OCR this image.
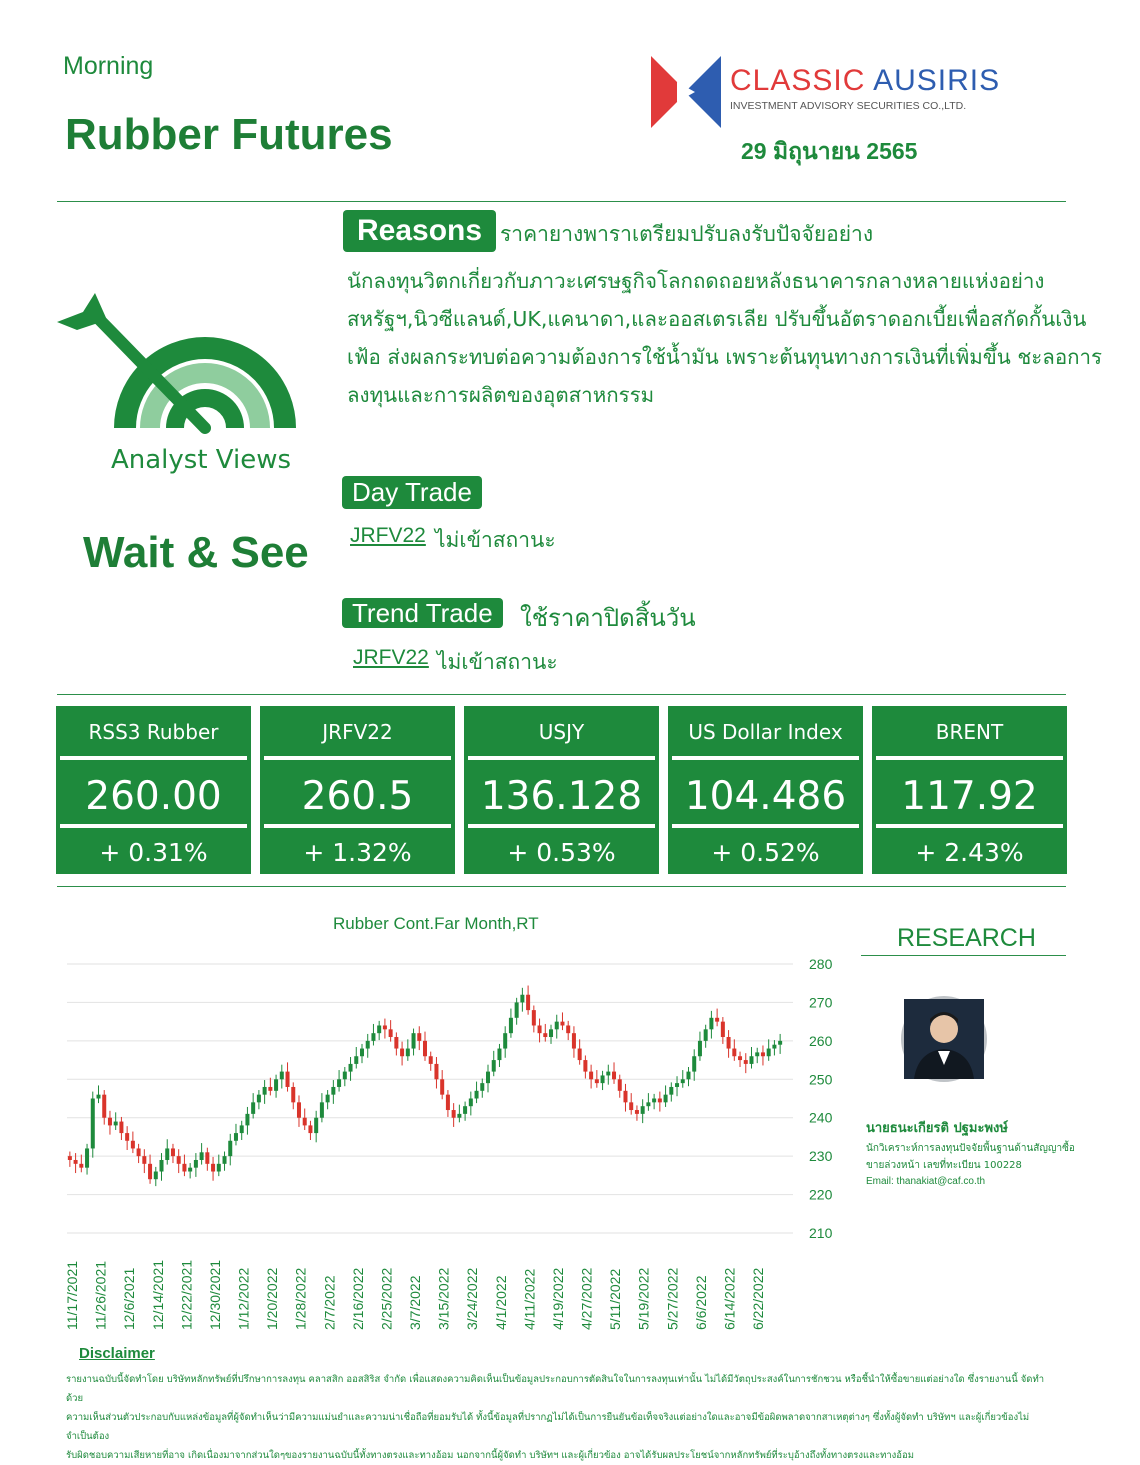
Morning
Rubber Futures
CLASSIC AUSIRIS
INVESTMENT ADVISORY SECURITIES CO.,LTD.
29 มิถุนายน 2565
Analyst Views
Wait & See
Reasons ราคายางพาราเตรียมปรับลงรับปัจจัยอย่าง
นักลงทุนวิตกเกี่ยวกับภาวะเศรษฐกิจโลกถดถอยหลังธนาคารกลางหลายแห่งอย่าง
สหรัฐฯ,นิวซีแลนด์,UK,แคนาดา,และออสเตรเลีย ปรับขึ้นอัตราดอกเบี้ยเพื่อสกัดกั้นเงิน
เฟ้อ ส่งผลกระทบต่อความต้องการใช้น้ำมัน เพราะต้นทุนทางการเงินที่เพิ่มขึ้น ชะลอการ
ลงทุนและการผลิตของอุตสาหกรรม
Day Trade
JRFV22 ไม่เข้าสถานะ
Trend Trade	ใช้ราคาปิดสิ้นวัน
JRFV22 ไม่เข้าสถานะ
RSS3 Rubber
260.00
+ 0.31%
JRFV22
260.5
+ 1.32%
USJY
136.128
+ 0.53%
US Dollar Index
104.486
+ 0.52%
BRENT
117.92
+ 2.43%
Rubber Cont.Far Month,RT
210
220
230
240
250
260
270
280
11/17/2021 11/26/2021 12/6/2021 12/14/2021 12/22/2021 12/30/2021 1/12/2022 1/20/2022 1/28/2022 2/7/2022 2/16/2022 2/25/2022 3/7/2022 3/15/2022 3/24/2022 4/1/2022 4/11/2022 4/19/2022 4/27/2022 5/11/2022 5/19/2022 5/27/2022 6/6/2022 6/14/2022 6/22/2022
RESEARCH
นายธนะเกียรติ ปฐมะพงษ์
นักวิเคราะห์การลงทุนปัจจัยพื้นฐานด้านสัญญาซื้อขายล่วงหน้า เลขที่ทะเบียน 100228
Email: thanakiat@caf.co.th
Disclaimer
รายงานฉบับนี้จัดทำโดย บริษัทหลักทรัพย์ที่ปรึกษาการลงทุน คลาสสิก ออสสิริส จำกัด เพื่อแสดงความคิดเห็นเป็นข้อมูลประกอบการตัดสินใจในการลงทุนเท่านั้น ไม่ได้มีวัตถุประสงค์ในการชักชวน หรือชี้นำให้ซื้อขายแต่อย่างใด ซึ่งรายงานนี้ จัดทำด้วย
ความเห็นส่วนตัวประกอบกับแหล่งข้อมูลที่ผู้จัดทำเห็นว่ามีความแม่นยำและความน่าเชื่อถือที่ยอมรับได้ ทั้งนี้ข้อมูลที่ปรากฏไม่ได้เป็นการยืนยันข้อเท็จจริงแต่อย่างใดและอาจมีข้อผิดพลาดจากสาเหตุต่างๆ ซึ่งทั้งผู้จัดทำ บริษัทฯ และผู้เกี่ยวข้องไม่จำเป็นต้อง
รับผิดชอบความเสียหายที่อาจ เกิดเนื่องมาจากส่วนใดๆของรายงานฉบับนี้ทั้งทางตรงและทางอ้อม นอกจากนี้ผู้จัดทำ บริษัทฯ และผู้เกี่ยวข้อง อาจได้รับผลประโยชน์จากหลักทรัพย์ที่ระบุอ้างถึงทั้งทางตรงและทางอ้อม
